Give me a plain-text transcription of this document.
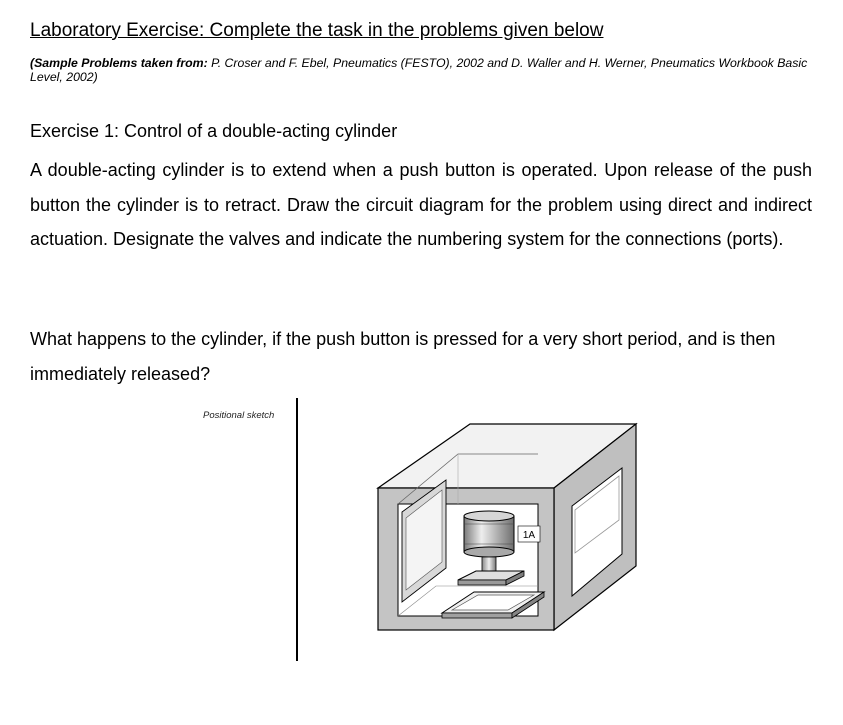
Laboratory Exercise: Complete the task in the problems given below
(Sample Problems taken from: P. Croser and F. Ebel, Pneumatics (FESTO), 2002 and D. Waller and H. Werner, Pneumatics Workbook Basic Level, 2002)
Exercise 1: Control of a double-acting cylinder
A double-acting cylinder is to extend when a push button is operated. Upon release of the push button the cylinder is to retract. Draw the circuit diagram for the problem using direct and indirect actuation. Designate the valves and indicate the numbering system for the connections (ports).
What happens to the cylinder, if the push button is pressed for a very short period, and is then immediately released?
Positional sketch
1A
